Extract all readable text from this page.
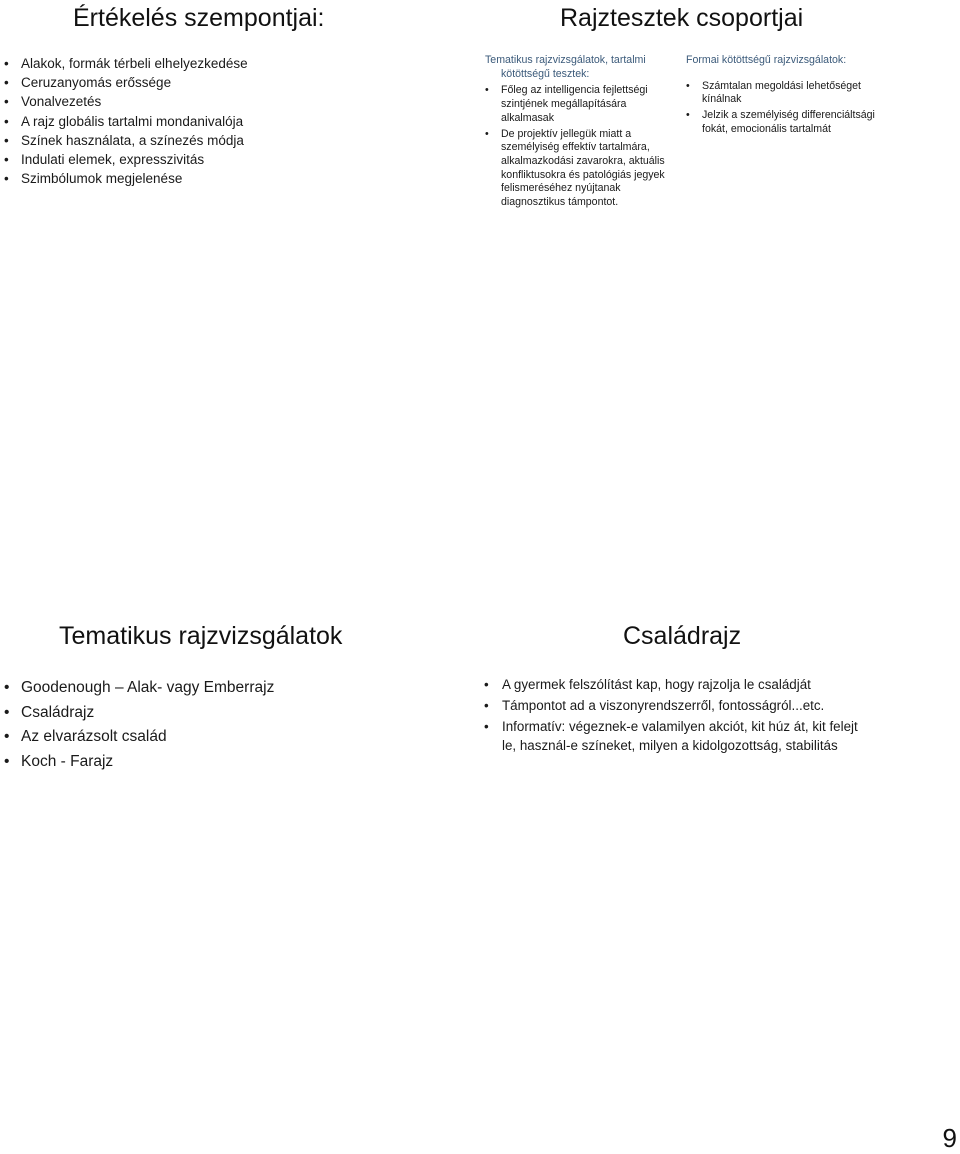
Értékelés szempontjai:
• Alakok, formák térbeli elhelyezkedése
• Ceruzanyomás erőssége
• Vonalvezetés
• A rajz globális tartalmi mondanivalója
• Színek használata, a színezés módja
• Indulati elemek, expresszivitás
• Szimbólumok megjelenése
Rajztesztek csoportjai

Tematikus rajzvizsgálatok, tartalmi
kötöttségű tesztek:

• Főleg az intelligencia fejlettségi szintjének megállapítására alkalmasak
• De projektív jellegük miatt a személyiség effektív tartalmára, alkalmazkodási zavarokra, aktuális konfliktusokra és patológiás jegyek felismeréséhez nyújtanak diagnosztikus támpontot.

Formai kötöttségű rajzvizsgálatok:

• Számtalan megoldási lehetőséget kínálnak
• Jelzik a személyiség differenciáltsági fokát, emocionális tartalmát
Tematikus rajzvizsgálatok
• Goodenough – Alak- vagy Emberrajz
• Családrajz
• Az elvarázsolt család
• Koch - Farajz
Családrajz
• A gyermek felszólítást kap, hogy rajzolja le családját
• Támpontot ad a viszonyrendszerről, fontosságról...etc.
• Informatív: végeznek-e valamilyen akciót, kit húz át, kit felejt le, használ-e színeket, milyen a kidolgozottság, stabilitás
9
